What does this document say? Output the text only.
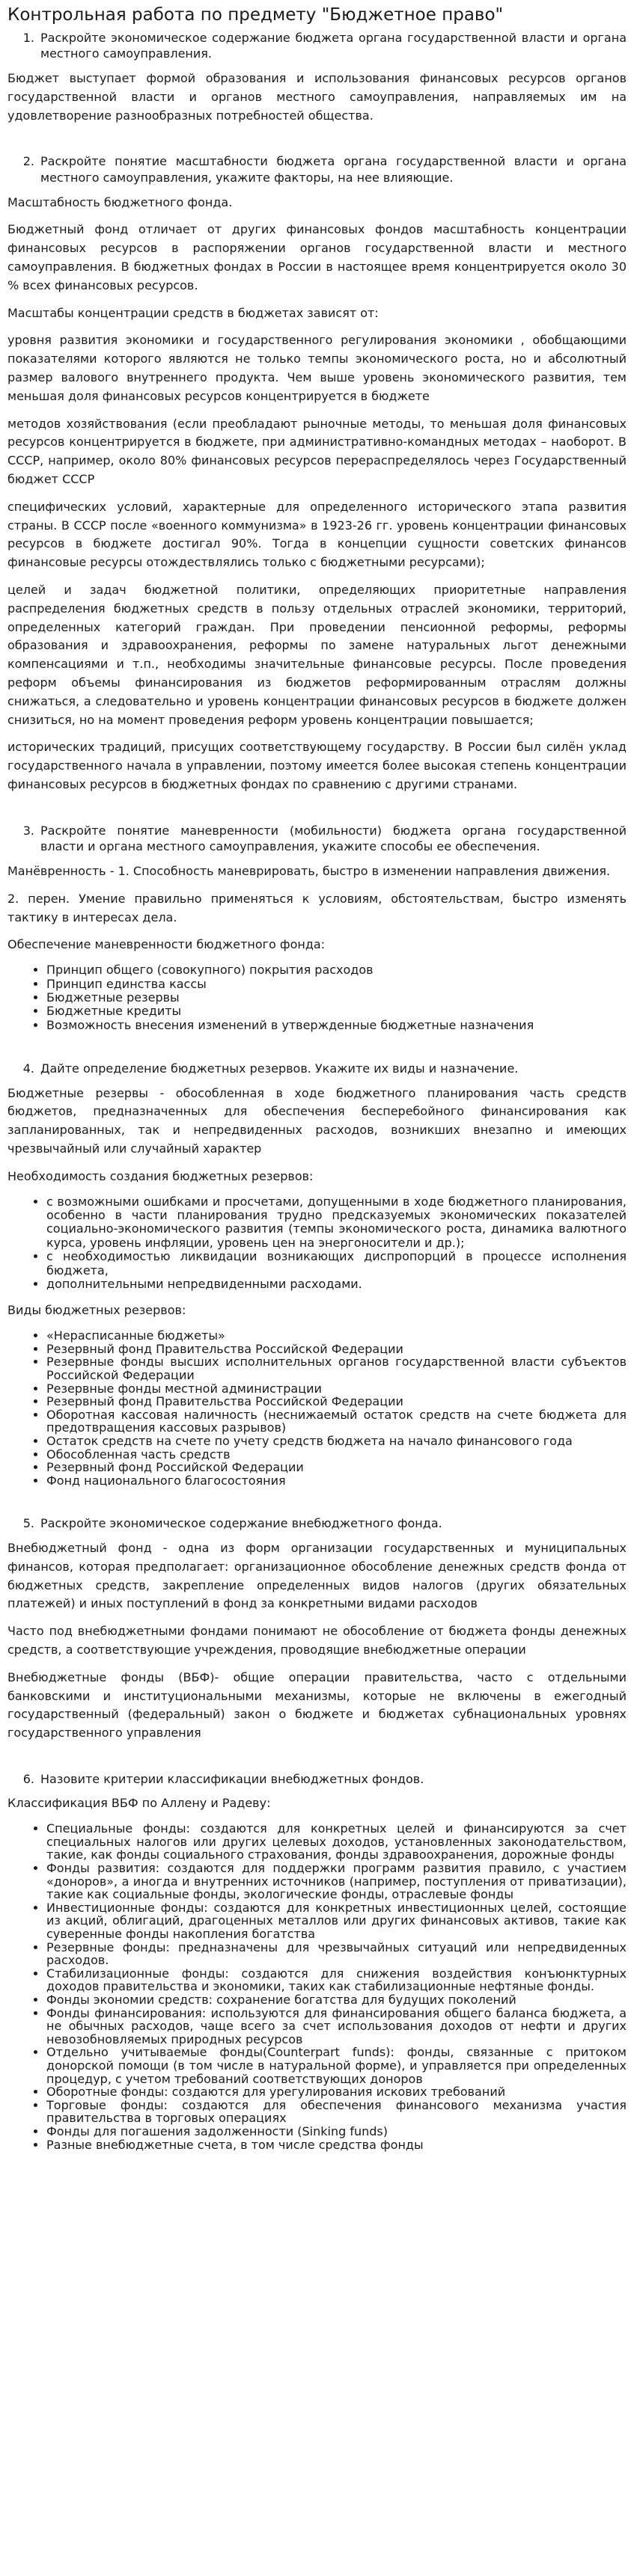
Контрольная работа по предмету "Бюджетное право"
1. Раскройте экономическое содержание бюджета органа государственной власти и органа местного самоуправления.

Бюджет выступает формой образования и использования финансовых ресурсов органов государственной власти и органов местного самоуправления, направляемых им на удовлетворение разнообразных потребностей общества.

2. Раскройте понятие масштабности бюджета органа государственной власти и органа местного самоуправления, укажите факторы, на нее влияющие.

Масштабность бюджетного фонда.

Бюджетный фонд отличает от других финансовых фондов масштабность концентрации финансовых ресурсов в распоряжении органов государственной власти и местного самоуправления. В бюджетных фондах в России в настоящее время концентрируется около 30 % всех финансовых ресурсов.

Масштабы концентрации средств в бюджетах зависят от:

уровня развития экономики и государственного регулирования экономики , обобщающими показателями которого являются не только темпы экономического роста, но и абсолютный размер валового внутреннего продукта. Чем выше уровень экономического развития, тем меньшая доля финансовых ресурсов концентрируется в бюджете

методов хозяйствования (если преобладают рыночные методы, то меньшая доля финансовых ресурсов концентрируется в бюджете, при административно-командных методах – наоборот. В СССР, например, около 80% финансовых ресурсов перераспределялось через Государственный бюджет СССР

специфических условий, характерные для определенного исторического этапа развития страны. В СССР после «военного коммунизма» в 1923-26 гг. уровень концентрации финансовых ресурсов в бюджете достигал 90%. Тогда в концепции сущности советских финансов финансовые ресурсы отождествлялись только с бюджетными ресурсами);

целей и задач бюджетной политики, определяющих приоритетные направления распределения бюджетных средств в пользу отдельных отраслей экономики, территорий, определенных категорий граждан. При проведении пенсионной реформы, реформы образования и здравоохранения, реформы по замене натуральных льгот денежными компенсациями и т.п., необходимы значительные финансовые ресурсы. После проведения реформ объемы финансирования из бюджетов реформированным отраслям должны снижаться, а следовательно и уровень концентрации финансовых ресурсов в бюджете должен снизиться, но на момент проведения реформ уровень концентрации повышается;

исторических традиций, присущих соответствующему государству. В России был силён уклад государственного начала в управлении, поэтому имеется более высокая степень концентрации финансовых ресурсов в бюджетных фондах по сравнению с другими странами.

3. Раскройте понятие маневренности (мобильности) бюджета органа государственной власти и органа местного самоуправления, укажите способы ее обеспечения.

Манёвренность - 1. Способность маневрировать, быстро в изменении направления движения.

2. перен. Умение правильно применяться к условиям, обстоятельствам, быстро изменять тактику в интересах дела.

Обеспечение маневренности бюджетного фонда:

• Принцип общего (совокупного) покрытия расходов
• Принцип единства кассы
• Бюджетные резервы
• Бюджетные кредиты
• Возможность внесения изменений в утвержденные бюджетные назначения
4. Дайте определение бюджетных резервов. Укажите их виды и назначение.

Бюджетные резервы - обособленная в ходе бюджетного планирования часть средств бюджетов, предназначенных для обеспечения бесперебойного финансирования как запланированных, так и непредвиденных расходов, возникших внезапно и имеющих чрезвычайный или случайный характер

Необходимость создания бюджетных резервов:

• с возможными ошибками и просчетами, допущенными в ходе бюджетного планирования, особенно в части планирования трудно предсказуемых экономических показателей социально-экономического развития (темпы экономического роста, динамика валютного курса, уровень инфляции, уровень цен на энергоносители и др.);
• с необходимостью ликвидации возникающих диспропорций в процессе исполнения бюджета,
• дополнительными непредвиденными расходами.

Виды бюджетных резервов:

• «Нерасписанные бюджеты»
• Резервный фонд Правительства Российской Федерации
• Резервные фонды высших исполнительных органов государственной власти субъектов Российской Федерации
• Резервные фонды местной администрации
• Резервный фонд Правительства Российской Федерации
• Оборотная кассовая наличность (неснижаемый остаток средств на счете бюджета для предотвращения кассовых разрывов)
• Остаток средств на счете по учету средств бюджета на начало финансового года
• Обособленная часть средств
• Резервный фонд Российской Федерации
• Фонд национального благосостояния
5. Раскройте экономическое содержание внебюджетного фонда.

Внебюджетный фонд - одна из форм организации государственных и муниципальных финансов, которая предполагает: организационное обособление денежных средств фонда от бюджетных средств, закрепление определенных видов налогов (других обязательных платежей) и иных поступлений в фонд за конкретными видами расходов

Часто под внебюджетными фондами понимают не обособление от бюджета фонды денежных средств, а соответствующие учреждения, проводящие внебюджетные операции

Внебюджетные фонды (ВБФ)- общие операции правительства, часто с отдельными банковскими и институциональными механизмы, которые не включены в ежегодный государственный (федеральный) закон о бюджете и бюджетах субнациональных уровнях государственного управления

6. Назовите критерии классификации внебюджетных фондов.

Классификация ВБФ по Аллену и Радеву:

• Специальные фонды: создаются для конкретных целей и финансируются за счет специальных налогов или других целевых доходов, установленных законодательством, такие, как фонды социального страхования, фонды здравоохранения, дорожные фонды
• Фонды развития: создаются для поддержки программ развития правило, с участием «доноров», а иногда и внутренних источников (например, поступления от приватизации), такие как социальные фонды, экологические фонды, отраслевые фонды
• Инвестиционные фонды: создаются для конкретных инвестиционных целей, состоящие из акций, облигаций, драгоценных металлов или других финансовых активов, такие как суверенные фонды накопления богатства
• Резервные фонды: предназначены для чрезвычайных ситуаций или непредвиденных расходов.
• Стабилизационные фонды: создаются для снижения воздействия конъюнктурных доходов правительства и экономики, таких как стабилизационные нефтяные фонды.
• Фонды экономии средств: сохранение богатства для будущих поколений
• Фонды финансирования: используются для финансирования общего баланса бюджета, а не обычных расходов, чаще всего за счет использования доходов от нефти и других невозобновляемых природных ресурсов
• Отдельно учитываемые фонды(Counterpart funds): фонды, связанные с притоком донорской помощи (в том числе в натуральной форме), и управляется при определенных процедур, с учетом требований соответствующих доноров
• Оборотные фонды: создаются для урегулирования искових требований
• Торговые фонды: создаются для обеспечения финансового механизма участия правительства в торговых операциях
• Фонды для погашения задолженности (Sinking funds)
• Разные внебюджетные счета, в том числе средства фонды
